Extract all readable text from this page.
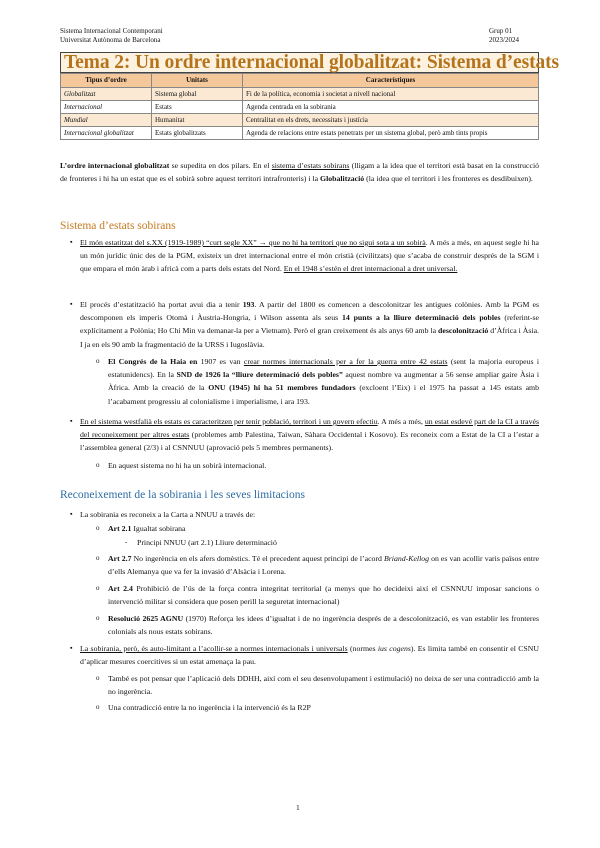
Sistema Internacional Contemporani
Universitat Autònoma de Barcelona
Grup 01
2023/2024
Tema 2: Un ordre internacional globalitzat: Sistema d’estats
Tipus d’ordre	Unitats	Característiques
Globalitzat	Sistema global	Fi de la política, economia i societat a nivell nacional
Internacional	Estats	Agenda centrada en la sobirania
Mundial	Humanitat	Centralitat en els drets, necessitats i justícia
Internacional globalitzat	Estats globalitzats	Agenda de relacions entre estats penetrats per un sistema global, però amb tints propis
L’ordre internacional globalitzat se supedita en dos pilars. En el sistema d’estats sobirans (lligam a la idea que el territori està basat en la construcció de fronteres i hi ha un estat que es el sobirà sobre aquest territori intrafronteris) i la Globalització (la idea que el territori i les fronteres es desdibuixen).
Sistema d’estats sobirans
▪ El món estatitzat del s.XX (1919-1989) “curt segle XX” → que no hi ha territori que no sigui sota a un sobirà. A més a més, en aquest segle hi ha un món jurídic únic des de la PGM, existeix un dret internacional entre el món cristià (civilitzats) que s’acaba de construir després de la SGM i que empara el món àrab i africà com a parts dels estats del Nord. En el 1948 s’estén el dret internacional a dret universal.
▪ El procés d’estatització ha portat avui dia a tenir 193. A partir del 1800 es comencen a descolonitzar les antigues colònies. Amb la PGM es descomponen els imperis Otomà i Àustria-Hongria, i Wilson assenta als seus 14 punts a la lliure determinació dels pobles (referint-se explícitament a Polònia; Ho Chi Min va demanar-la per a Vietnam). Però el gran creixement és als anys 60 amb la descolonització d’Àfrica i Àsia. I ja en els 90 amb la fragmentació de la URSS i Iugoslàvia.
o El Congrés de la Haia en 1907 es van crear normes internacionals per a fer la guerra entre 42 estats (sent la majoria europeus i estatunidencs). En la SND de 1926 la “lliure determinació dels pobles” aquest nombre va augmentar a 56 sense ampliar gaire Àsia i Àfrica. Amb la creació de la ONU (1945) hi ha 51 membres fundadors (excloent l’Eix) i el 1975 ha passat a 145 estats amb l’acabament progressiu al colonialisme i imperialisme, i ara 193.
▪ En el sistema westfalià els estats es caracteritzen per tenir població, territori i un govern efectiu. A més a més, un estat esdevé part de la CI a través del reconeixement per altres estats (problemes amb Palestina, Taiwan, Sàhara Occidental i Kosovo). Es reconeix com a Estat de la CI a l’estar a l’assemblea general (2/3) i al CSNNUU (aprovació pels 5 membres permanents).
o En aquest sistema no hi ha un sobirà internacional.
Reconeixement de la sobirania i les seves limitacions
▪ La sobirania es reconeix a la Carta a NNUU a través de:
o Art 2.1 Igualtat sobirana
- Principi NNUU (art 2.1) Lliure determinació
o Art 2.7 No ingerència en els afers domèstics. Té el precedent aquest principi de l’acord Briand-Kellog on es van acollir varis països entre d’ells Alemanya que va fer la invasió d’Alsàcia i Lorena.
o Art 2.4 Prohibició de l’ús de la força contra integritat territorial (a menys que ho decideixi així el CSNNUU imposar sancions o intervenció militar si considera que posen perill la seguretat internacional)
o Resolució 2625 AGNU (1970) Reforça les idees d’igualtat i de no ingerència després de a descolonització, es van establir les fronteres colonials als nous estats sobirans.
▪ La sobirania, però, és auto-limitant a l’acollir-se a normes internacionals i universals (normes ius cogens). Es limita també en consentir el CSNU d’aplicar mesures coercitives si un estat amenaça la pau.
o També es pot pensar que l’aplicació dels DDHH, així com el seu desenvolupament i estimulació) no deixa de ser una contradicció amb la no ingerència.
o Una contradicció entre la no ingerència i la intervenció és la R2P
1
